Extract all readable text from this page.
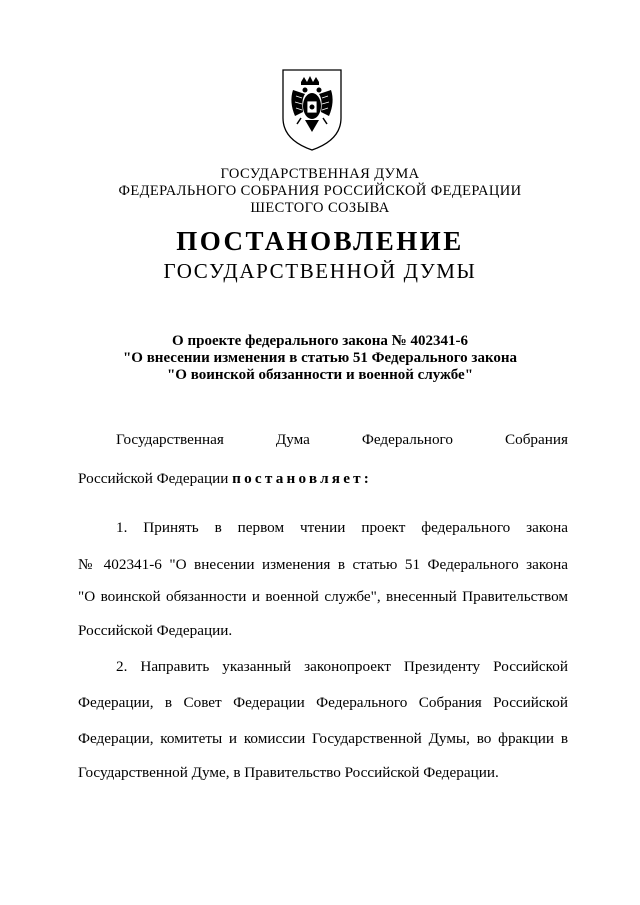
ГОСУДАРСТВЕННАЯ ДУМА
ФЕДЕРАЛЬНОГО СОБРАНИЯ РОССИЙСКОЙ ФЕДЕРАЦИИ
ШЕСТОГО СОЗЫВА
ПОСТАНОВЛЕНИЕ
ГОСУДАРСТВЕННОЙ ДУМЫ
О проекте федерального закона № 402341-6
"О внесении изменения в статью 51 Федерального закона
"О воинской обязанности и военной службе"
Государственная Дума Федерального Собрания
Российской Федерации постановляет:
1. Принять в первом чтении проект федерального закона
№ 402341-6 "О внесении изменения в статью 51 Федерального закона
"О воинской обязанности и военной службе", внесенный Правительством
Российской Федерации.
2. Направить указанный законопроект Президенту Российской
Федерации, в Совет Федерации Федерального Собрания Российской
Федерации, комитеты и комиссии Государственной Думы, во фракции в
Государственной Думе, в Правительство Российской Федерации.
